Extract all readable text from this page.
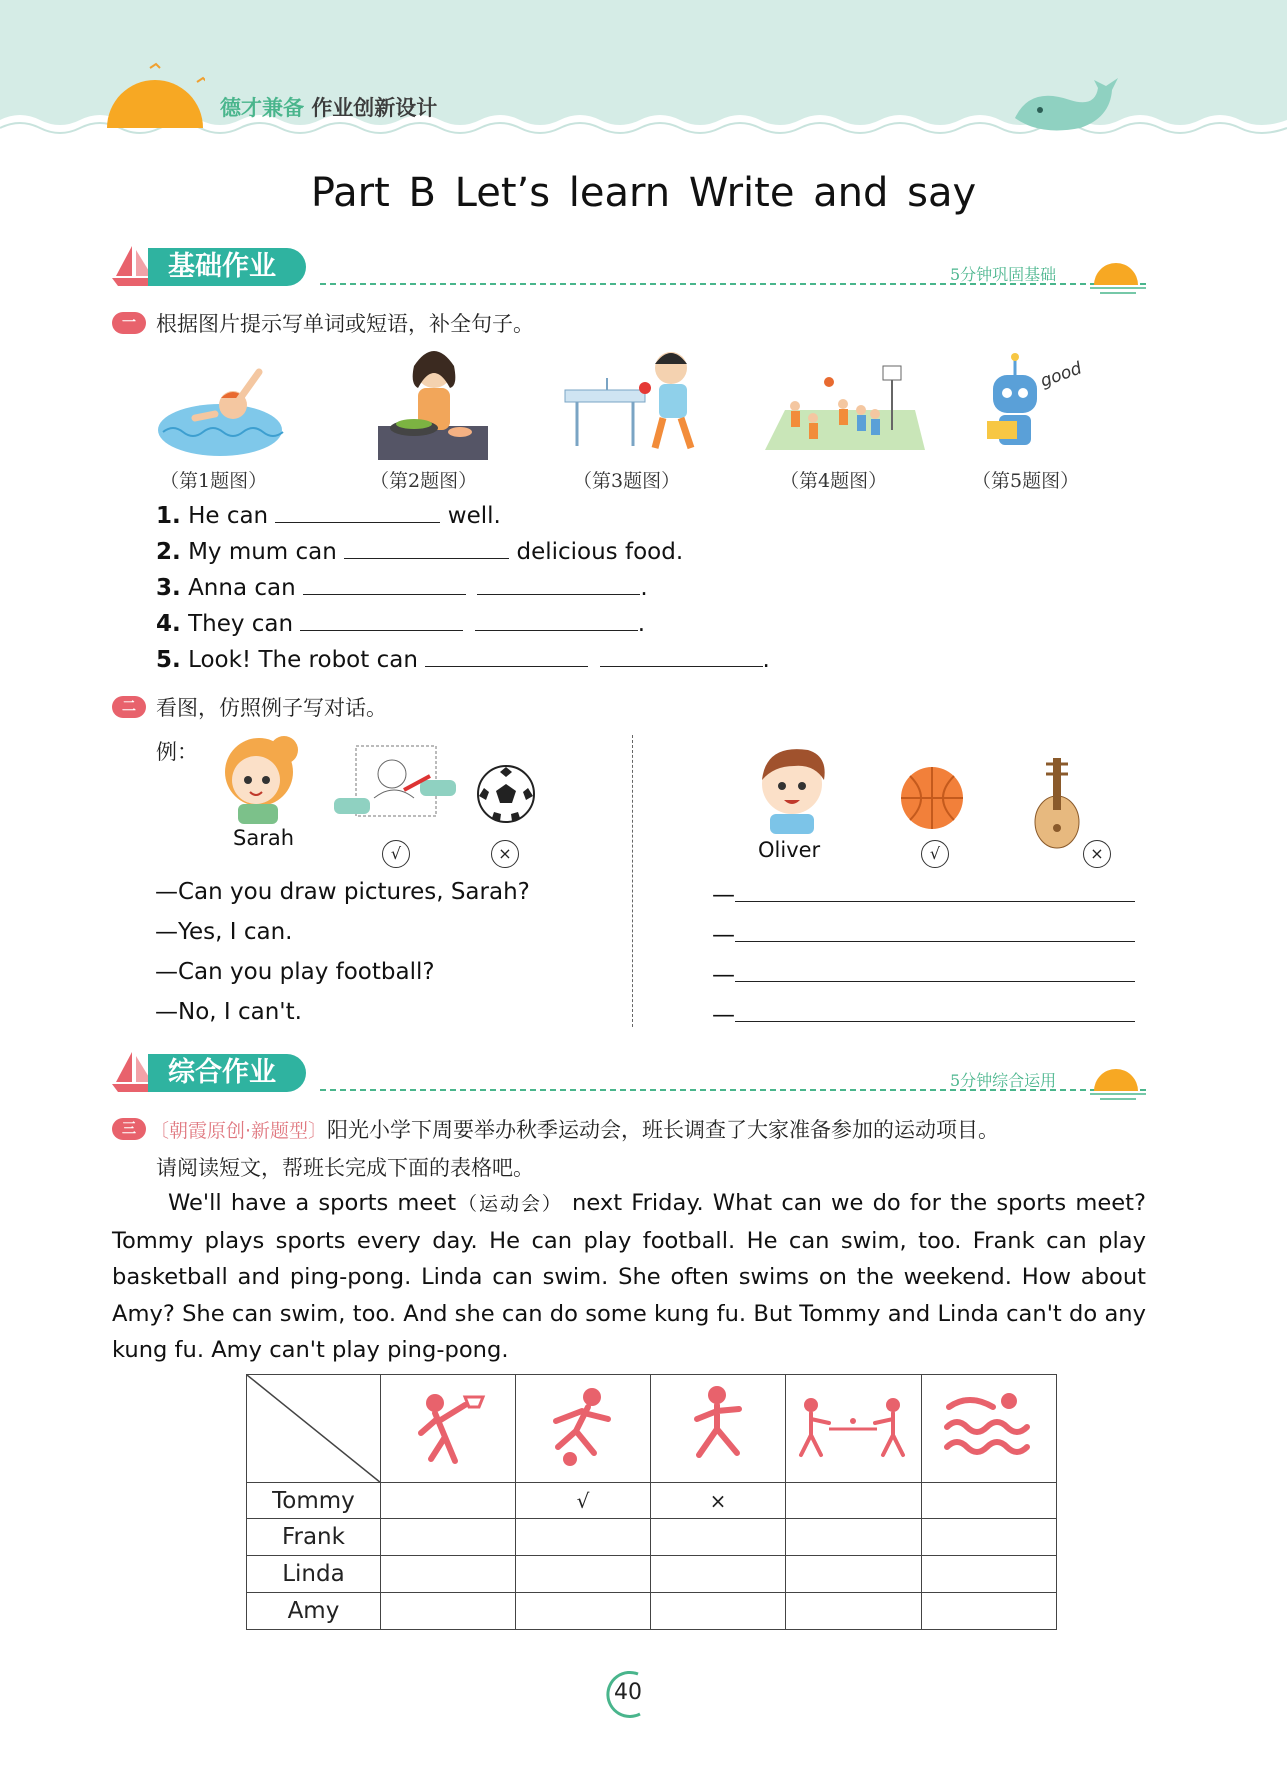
德才兼备 作业创新设计
Part B Let’s learn Write and say
基础作业	5分钟巩固基础
一 根据图片提示写单词或短语，补全句子。
good
（第1题图）	（第2题图）	（第3题图）	（第4题图）	（第5题图）
1. He can	well.
2. My mum can	delicious food.
3. Anna can	.
4. They can	.
5. Look! The robot can	.
二 看图，仿照例子写对话。
例：
Sarah
√	×	Oliver	√	×
—Can you draw pictures, Sarah?
—Yes, I can.
—Can you play football?
—No, I can't.
—
—
—
—
综合作业	5分钟综合运用
三 〔朝霞原创·新题型〕阳光小学下周要举办秋季运动会，班长调查了大家准备参加的运动项目。
请阅读短文，帮班长完成下面的表格吧。
We'll have a sports meet（运动会） next Friday. What can we do for the sports meet? Tommy plays sports every day. He can play football. He can swim, too. Frank can play basketball and ping-pong. Linda can swim. She often swims on the weekend. How about Amy? She can swim, too. And she can do some kung fu. But Tommy and Linda can't do any kung fu. Amy can't play ping-pong.

Tommy		√	×		
Frank					
Linda					
Amy					
40
